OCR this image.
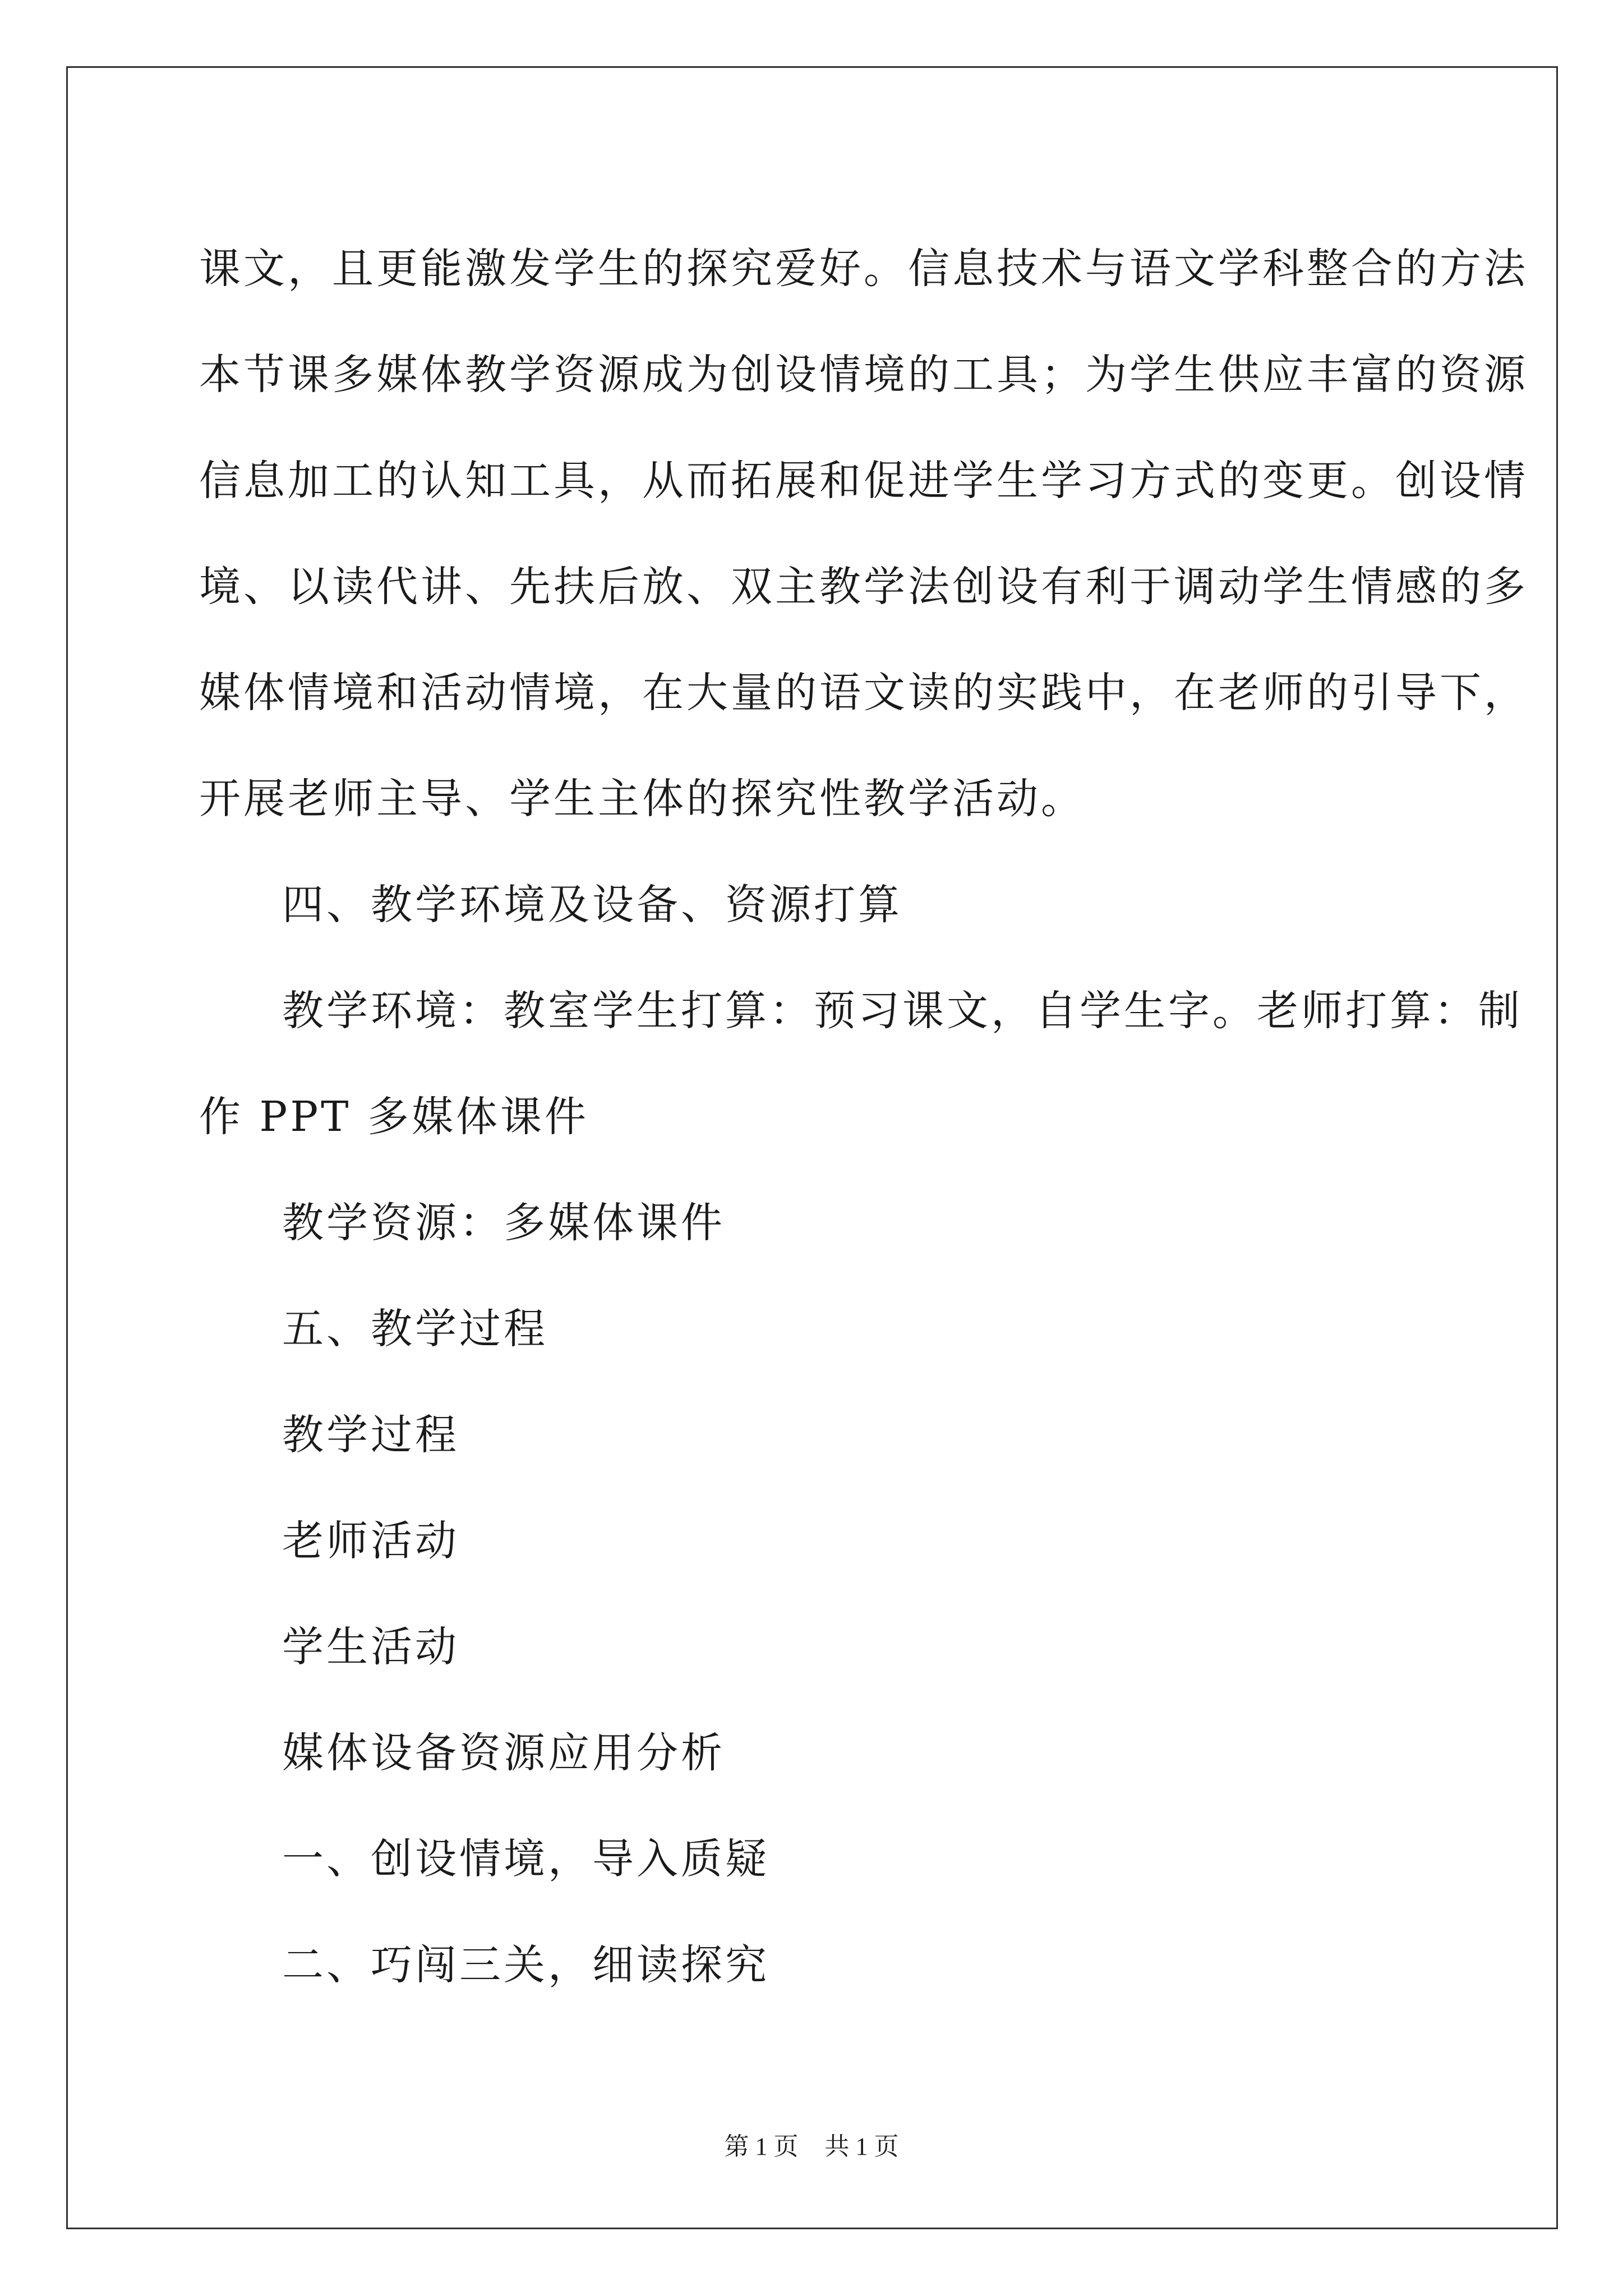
课文，且更能激发学生的探究爱好。信息技术与语文学科整合的方法

本节课多媒体教学资源成为创设情境的工具；为学生供应丰富的资源

信息加工的认知工具，从而拓展和促进学生学习方式的变更。创设情

境、以读代讲、先扶后放、双主教学法创设有利于调动学生情感的多

媒体情境和活动情境，在大量的语文读的实践中，在老师的引导下，

开展老师主导、学生主体的探究性教学活动。

四、教学环境及设备、资源打算

教学环境：教室学生打算：预习课文，自学生字。老师打算：制

作 PPT 多媒体课件

教学资源：多媒体课件

五、教学过程

教学过程

老师活动

学生活动

媒体设备资源应用分析

一、创设情境，导入质疑

二、巧闯三关，细读探究

第 1 页 共 1 页
